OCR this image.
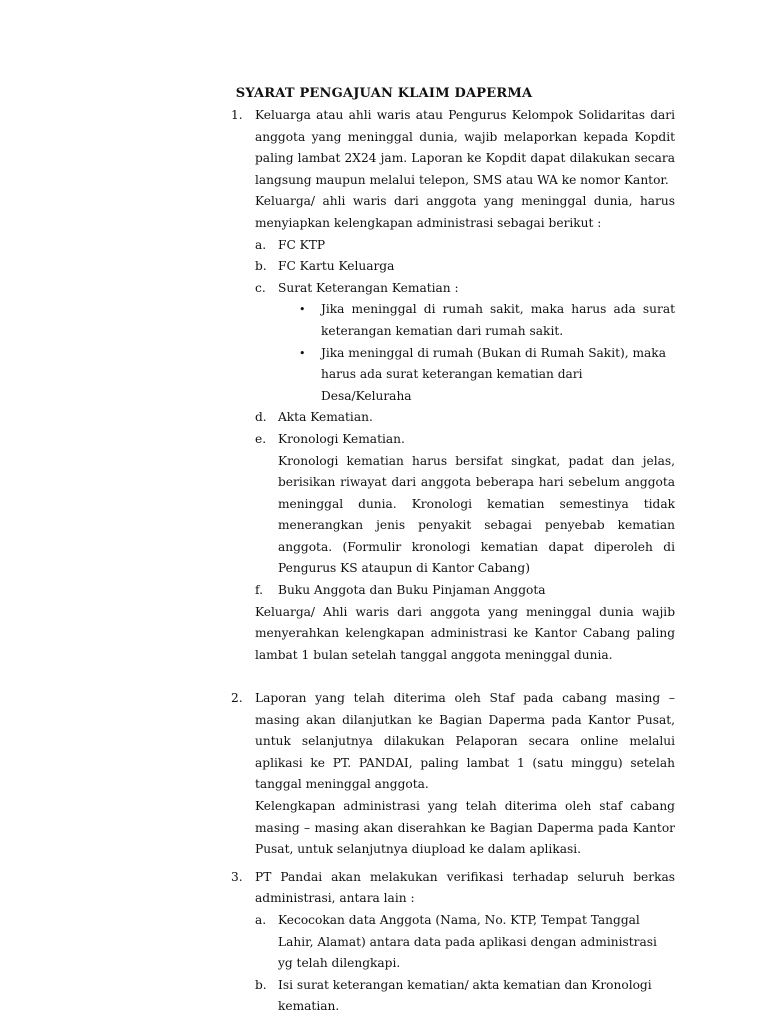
SYARAT PENGAJUAN KLAIM DAPERMA
1. Keluarga atau ahli waris atau Pengurus Kelompok Solidaritas dari anggota yang meninggal dunia, wajib melaporkan kepada Kopdit paling lambat 2X24 jam. Laporan ke Kopdit dapat dilakukan secara langsung maupun melalui telepon, SMS atau WA ke nomor Kantor.
Keluarga/ ahli waris dari anggota yang meninggal dunia, harus menyiapkan kelengkapan administrasi sebagai berikut :
a. FC KTP
b. FC Kartu Keluarga
c. Surat Keterangan Kematian :
• Jika meninggal di rumah sakit, maka harus ada surat keterangan kematian dari rumah sakit.
• Jika meninggal di rumah (Bukan di Rumah Sakit), maka harus ada surat keterangan kematian dari Desa/Keluraha
d. Akta Kematian.
e. Kronologi Kematian.
Kronologi kematian harus bersifat singkat, padat dan jelas, berisikan riwayat dari anggota beberapa hari sebelum anggota meninggal dunia. Kronologi kematian semestinya tidak menerangkan jenis penyakit sebagai penyebab kematian anggota. (Formulir kronologi kematian dapat diperoleh di Pengurus KS ataupun di Kantor Cabang)
f. Buku Anggota dan Buku Pinjaman Anggota
Keluarga/ Ahli waris dari anggota yang meninggal dunia wajib menyerahkan kelengkapan administrasi ke Kantor Cabang paling lambat 1 bulan setelah tanggal anggota meninggal dunia.
2. Laporan yang telah diterima oleh Staf pada cabang masing – masing akan dilanjutkan ke Bagian Daperma pada Kantor Pusat, untuk selanjutnya dilakukan Pelaporan secara online melalui aplikasi ke PT. PANDAI, paling lambat 1 (satu minggu) setelah tanggal meninggal anggota.
Kelengkapan administrasi yang telah diterima oleh staf cabang masing – masing akan diserahkan ke Bagian Daperma pada Kantor Pusat, untuk selanjutnya diupload ke dalam aplikasi.
3. PT Pandai akan melakukan verifikasi terhadap seluruh berkas administrasi, antara lain :
a. Kecocokan data Anggota (Nama, No. KTP, Tempat Tanggal Lahir, Alamat) antara data pada aplikasi dengan administrasi yg telah dilengkapi.
b. Isi surat keterangan kematian/ akta kematian dan Kronologi kematian.
